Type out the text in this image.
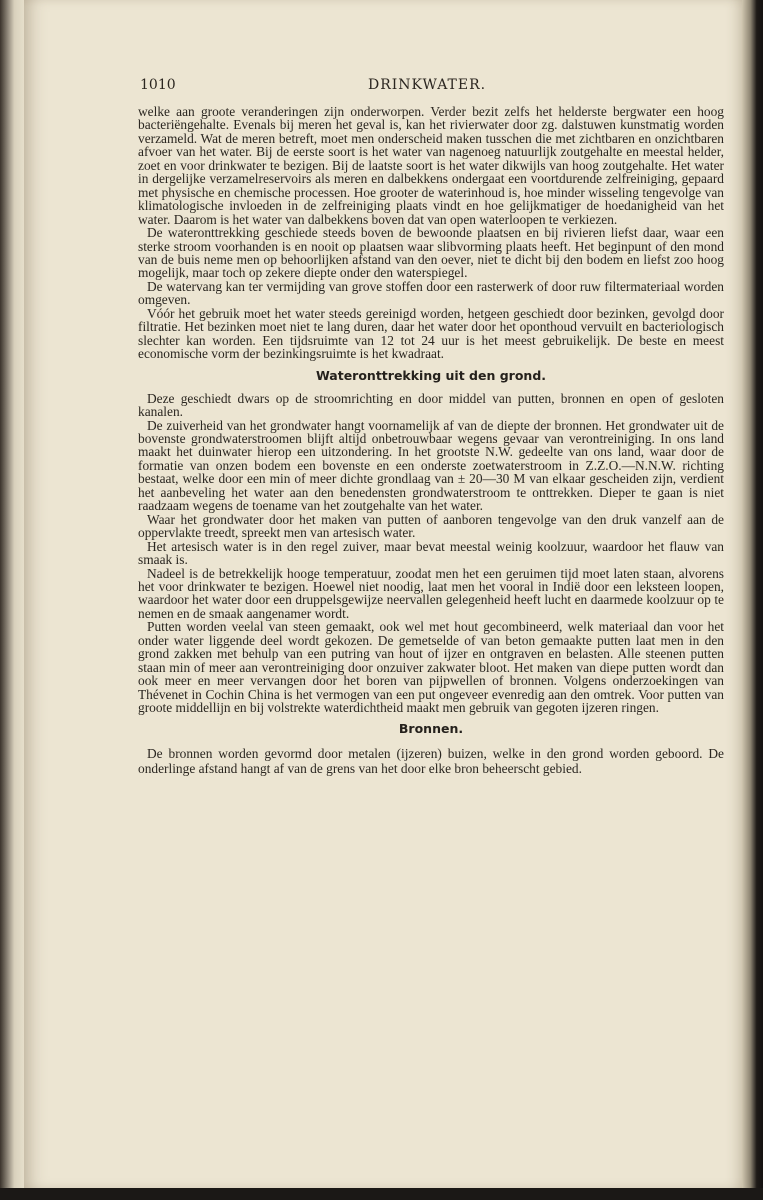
1010	DRINKWATER.

welke aan groote veranderingen zijn onderworpen. Verder bezit zelfs het helderste bergwater een hoog bacteriëngehalte. Evenals bij meren het geval is, kan het rivierwater door zg. dalstuwen kunstmatig worden verzameld. Wat de meren betreft, moet men onderscheid maken tusschen die met zichtbaren en onzichtbaren afvoer van het water. Bij de eerste soort is het water van nagenoeg natuurlijk zoutgehalte en meestal helder, zoet en voor drinkwater te bezigen. Bij de laatste soort is het water dikwijls van hoog zoutgehalte. Het water in dergelijke verzamelreservoirs als meren en dalbekkens ondergaat een voortdurende zelfreiniging, gepaard met physische en chemische processen. Hoe grooter de waterinhoud is, hoe minder wisseling tengevolge van klimatologische invloeden in de zelfreiniging plaats vindt en hoe gelijkmatiger de hoedanigheid van het water. Daarom is het water van dalbekkens boven dat van open waterloopen te verkiezen.

De wateronttrekking geschiede steeds boven de bewoonde plaatsen en bij rivieren liefst daar, waar een sterke stroom voorhanden is en nooit op plaatsen waar slibvorming plaats heeft. Het beginpunt of den mond van de buis neme men op behoorlijken afstand van den oever, niet te dicht bij den bodem en liefst zoo hoog mogelijk, maar toch op zekere diepte onder den waterspiegel.

De watervang kan ter vermijding van grove stoffen door een rasterwerk of door ruw filtermateriaal worden omgeven.

Vóór het gebruik moet het water steeds gereinigd worden, hetgeen geschiedt door bezinken, gevolgd door filtratie. Het bezinken moet niet te lang duren, daar het water door het oponthoud vervuilt en bacteriologisch slechter kan worden. Een tijdsruimte van 12 tot 24 uur is het meest gebruikelijk. De beste en meest economische vorm der bezinkingsruimte is het kwadraat.

Wateronttrekking uit den grond.

Deze geschiedt dwars op de stroomrichting en door middel van putten, bronnen en open of gesloten kanalen.

De zuiverheid van het grondwater hangt voornamelijk af van de diepte der bronnen. Het grondwater uit de bovenste grondwaterstroomen blijft altijd onbetrouwbaar wegens gevaar van verontreiniging. In ons land maakt het duinwater hierop een uitzondering. In het grootste N.W. gedeelte van ons land, waar door de formatie van onzen bodem een bovenste en een onderste zoetwaterstroom in Z.Z.O.—N.N.W. richting bestaat, welke door een min of meer dichte grondlaag van ± 20—30 M van elkaar gescheiden zijn, verdient het aanbeveling het water aan den benedensten grondwaterstroom te onttrekken. Dieper te gaan is niet raadzaam wegens de toename van het zoutgehalte van het water.

Waar het grondwater door het maken van putten of aanboren tengevolge van den druk vanzelf aan de oppervlakte treedt, spreekt men van artesisch water.

Het artesisch water is in den regel zuiver, maar bevat meestal weinig koolzuur, waardoor het flauw van smaak is.

Nadeel is de betrekkelijk hooge temperatuur, zoodat men het een geruimen tijd moet laten staan, alvorens het voor drinkwater te bezigen. Hoewel niet noodig, laat men het vooral in Indië door een leksteen loopen, waardoor het water door een druppelsgewijze neervallen gelegenheid heeft lucht en daarmede koolzuur op te nemen en de smaak aangenamer wordt.

Putten worden veelal van steen gemaakt, ook wel met hout gecombineerd, welk materiaal dan voor het onder water liggende deel wordt gekozen. De gemetselde of van beton gemaakte putten laat men in den grond zakken met behulp van een putring van hout of ijzer en ontgraven en belasten. Alle steenen putten staan min of meer aan verontreiniging door onzuiver zakwater bloot. Het maken van diepe putten wordt dan ook meer en meer vervangen door het boren van pijpwellen of bronnen. Volgens onderzoekingen van Thévenet in Cochin China is het vermogen van een put ongeveer evenredig aan den omtrek. Voor putten van groote middellijn en bij volstrekte waterdichtheid maakt men gebruik van gegoten ijzeren ringen.

Bronnen.

De bronnen worden gevormd door metalen (ijzeren) buizen, welke in den grond worden geboord. De onderlinge afstand hangt af van de grens van het door elke bron beheerscht gebied.
